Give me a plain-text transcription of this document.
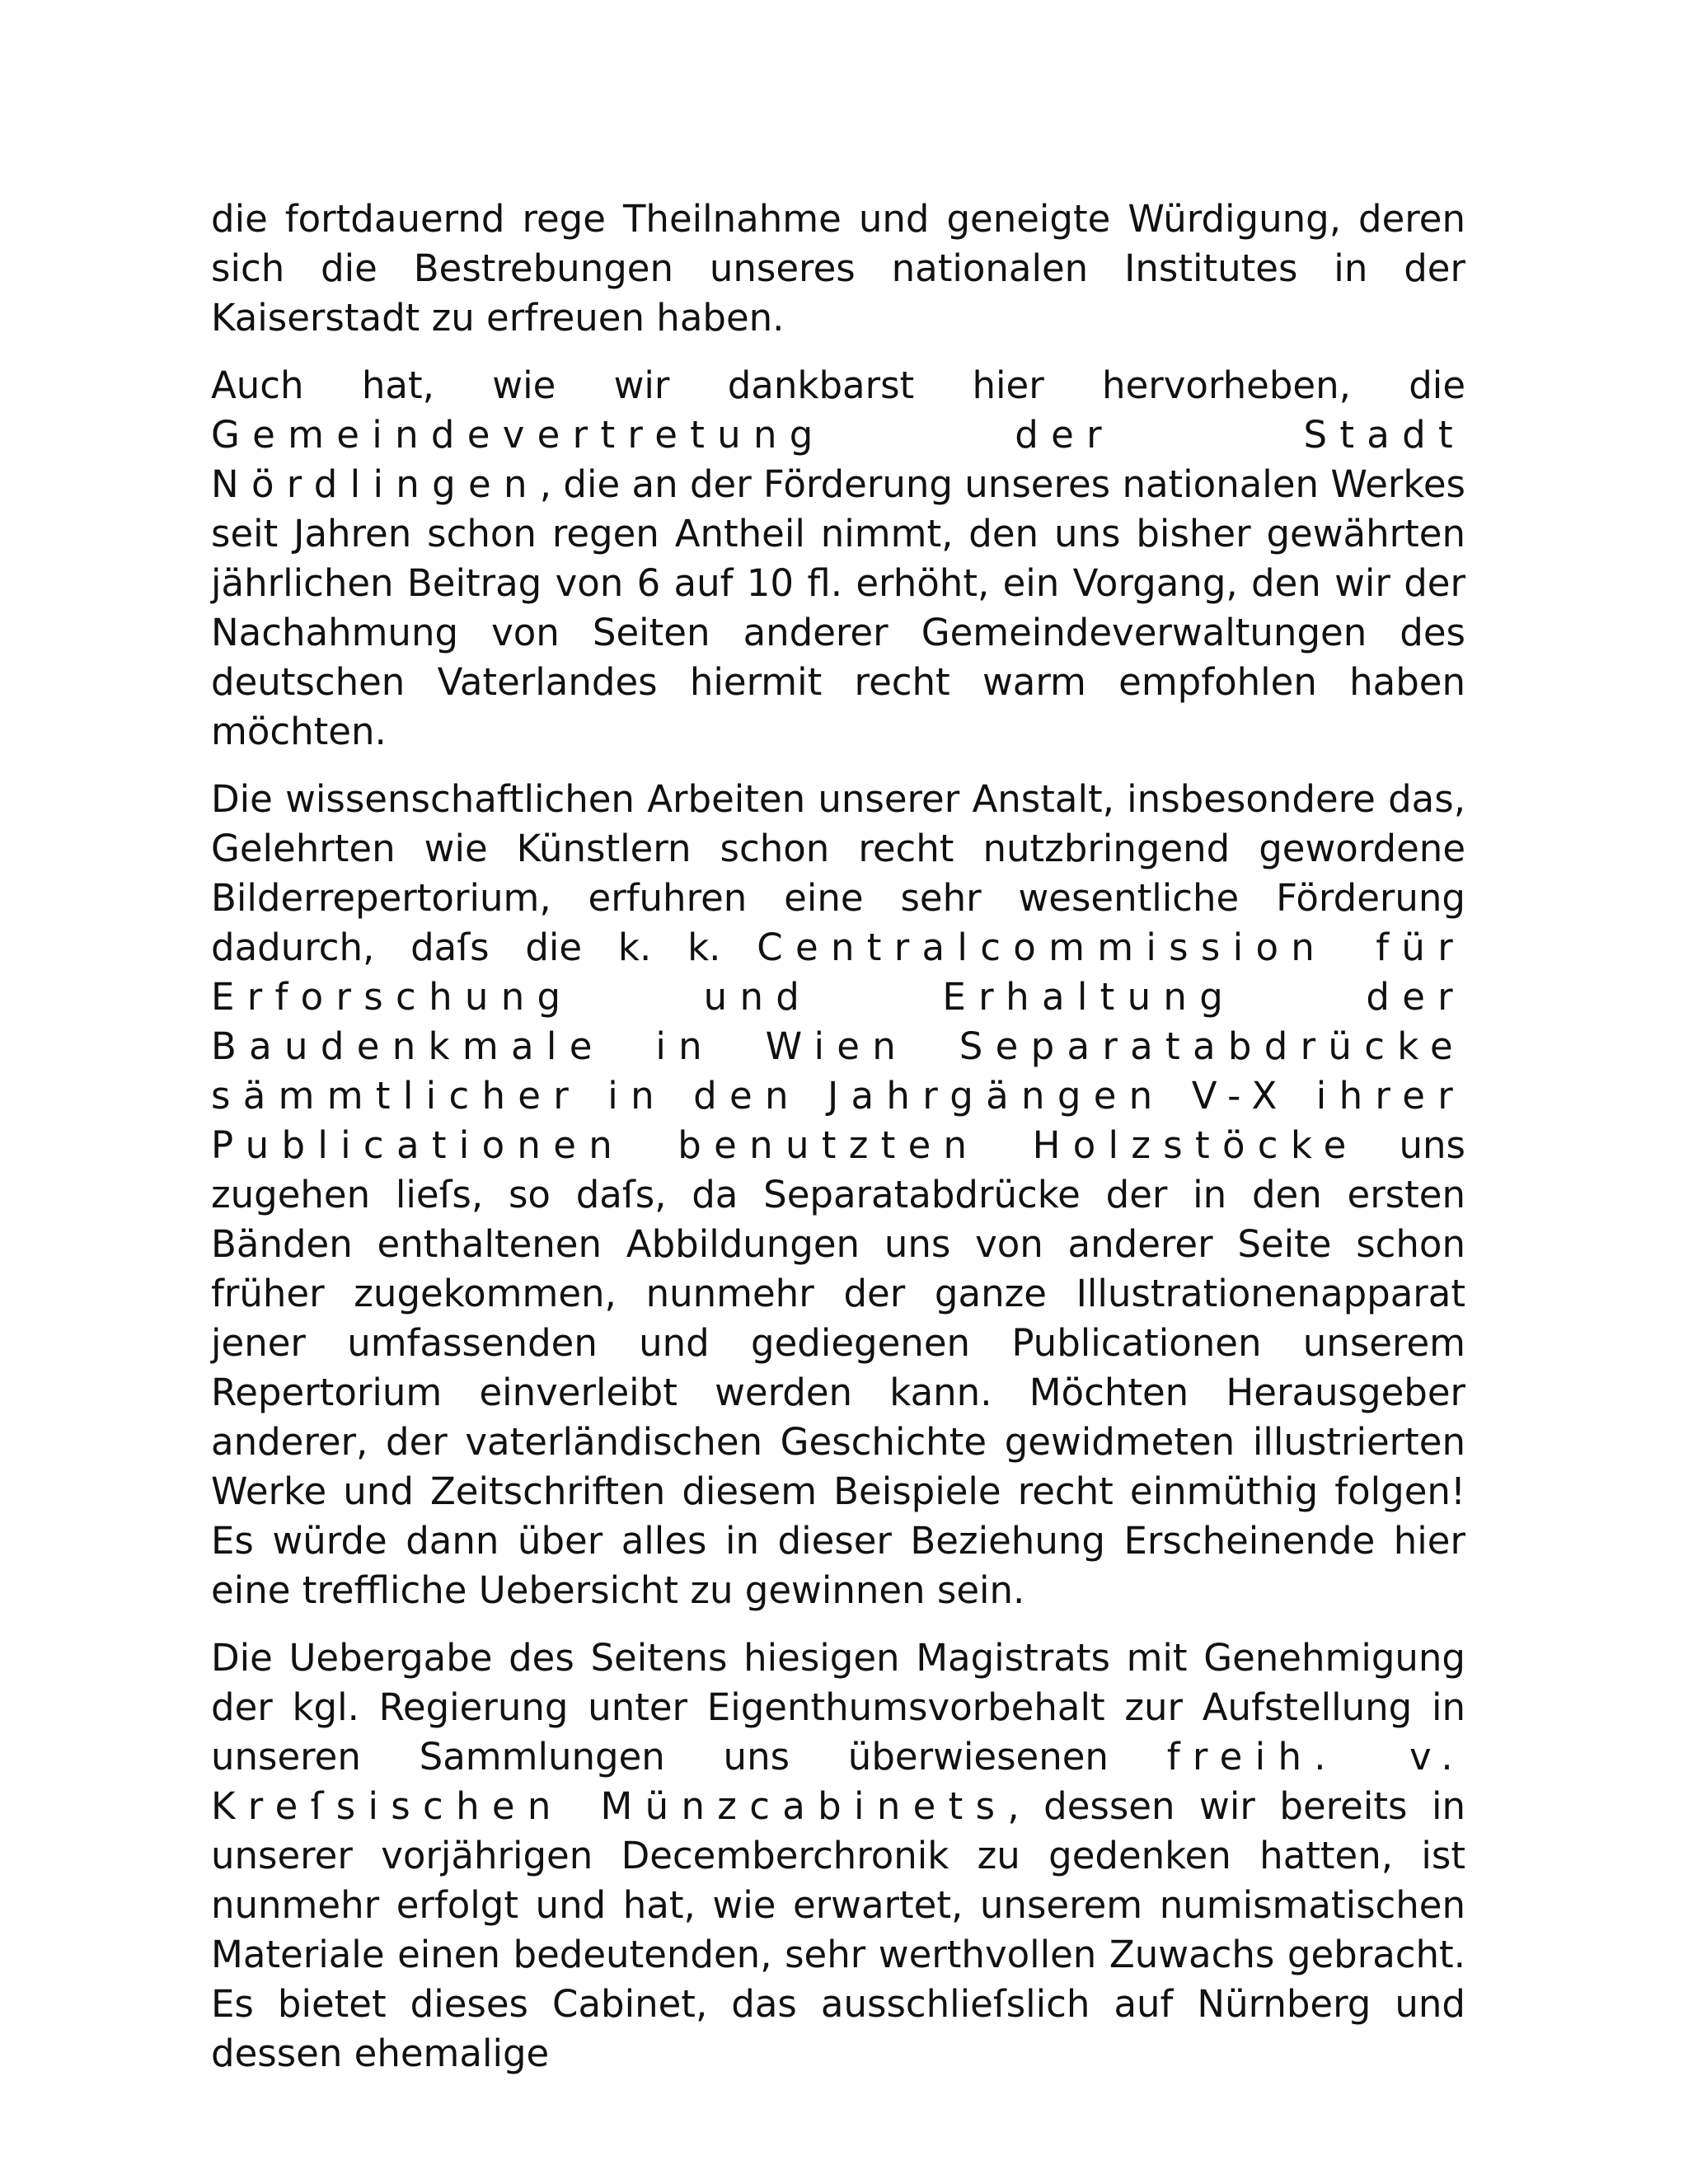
die fortdauernd rege Theilnahme und geneigte Würdigung, deren sich die Bestrebungen unseres nationalen Institutes in der Kaiserstadt zu erfreuen haben.

Auch hat, wie wir dankbarst hier hervorheben, die Gemeindevertretung der Stadt Nördlingen, die an der Förderung unseres nationalen Werkes seit Jahren schon regen Antheil nimmt, den uns bisher gewährten jährlichen Beitrag von 6 auf 10 fl. erhöht, ein Vorgang, den wir der Nachahmung von Seiten anderer Gemeindeverwaltungen des deutschen Vaterlandes hiermit recht warm empfohlen haben möchten.

Die wissenschaftlichen Arbeiten unserer Anstalt, insbesondere das, Gelehrten wie Künstlern schon recht nutzbringend gewordene Bilderrepertorium, erfuhren eine sehr wesentliche Förderung dadurch, daſs die k. k. Centralcommission für Erforschung und Erhaltung der Baudenkmale in Wien Separatabdrücke sämmtlicher in den Jahrgängen V-X ihrer Publicationen benutzten Holzstöcke uns zugehen lieſs, so daſs, da Separatabdrücke der in den ersten Bänden enthaltenen Abbildungen uns von anderer Seite schon früher zugekommen, nunmehr der ganze Illustrationenapparat jener umfassenden und gediegenen Publicationen unserem Repertorium einverleibt werden kann. Möchten Herausgeber anderer, der vaterländischen Geschichte gewidmeten illustrierten Werke und Zeitschriften diesem Beispiele recht einmüthig folgen! Es würde dann über alles in dieser Beziehung Erscheinende hier eine treffliche Uebersicht zu gewinnen sein.

Die Uebergabe des Seitens hiesigen Magistrats mit Genehmigung der kgl. Regierung unter Eigenthumsvorbehalt zur Aufstellung in unseren Sammlungen uns überwiesenen freih. v. Kreſsischen Münzcabinets, dessen wir bereits in unserer vorjährigen Decemberchronik zu gedenken hatten, ist nunmehr erfolgt und hat, wie erwartet, unserem numismatischen Materiale einen bedeutenden, sehr werthvollen Zuwachs gebracht. Es bietet dieses Cabinet, das ausschlieſslich auf Nürnberg und dessen ehemalige
